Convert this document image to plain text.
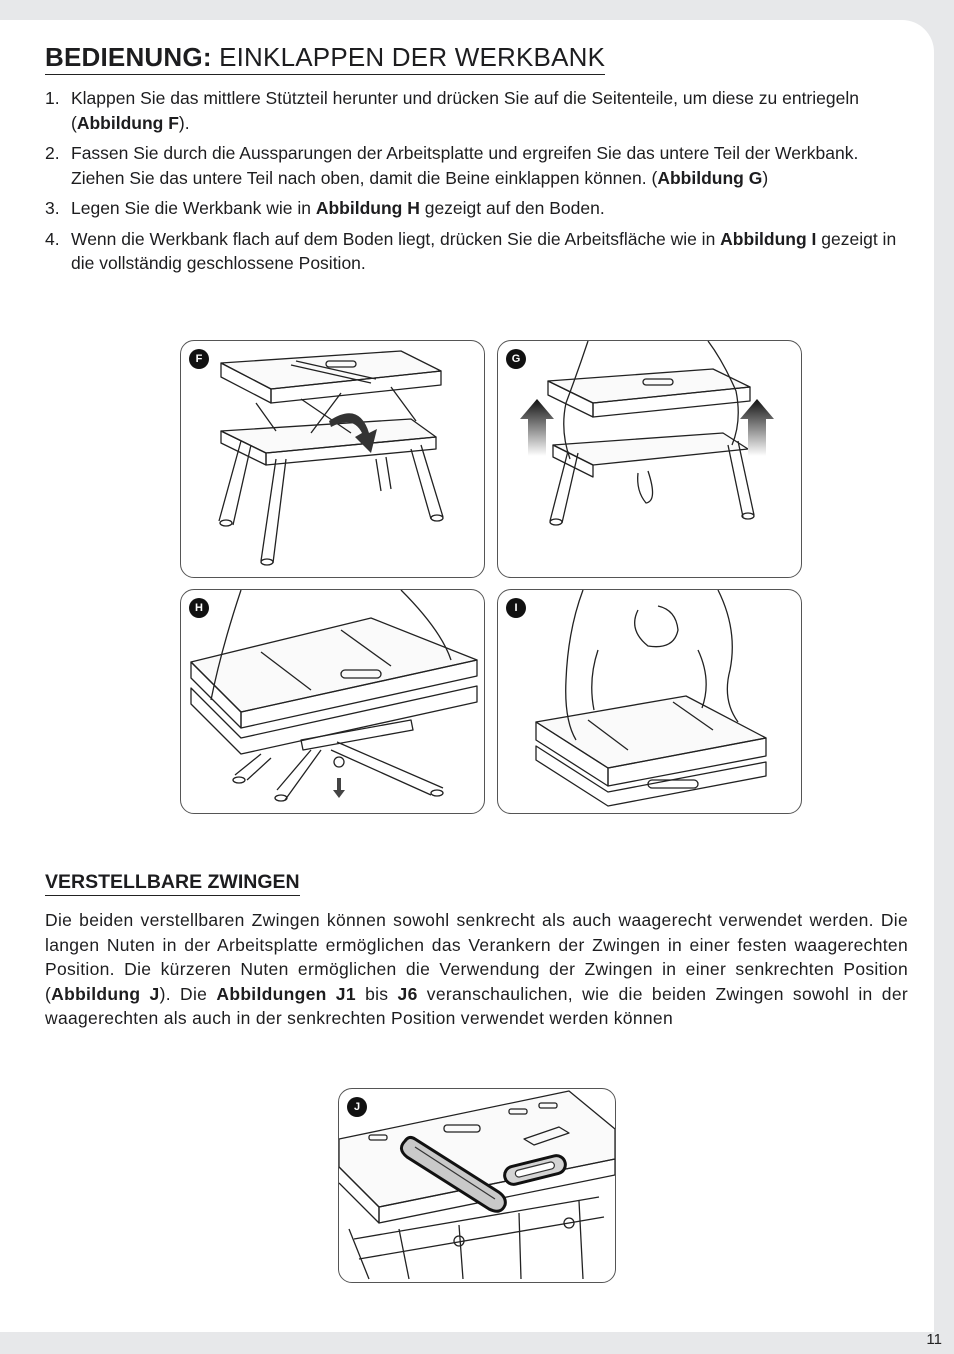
BEDIENUNG: EINKLAPPEN DER WERKBANK
1. Klappen Sie das mittlere Stützteil herunter und drücken Sie auf die Seitenteile, um diese zu entriegeln (Abbildung F).
2. Fassen Sie durch die Aussparungen der Arbeitsplatte und ergreifen Sie das untere Teil der Werkbank. Ziehen Sie das untere Teil nach oben, damit die Beine einklappen können. (Abbildung G)
3. Legen Sie die Werkbank wie in Abbildung H gezeigt auf den Boden.
4. Wenn die Werkbank flach auf dem Boden liegt, drücken Sie die Arbeitsfläche wie in Abbildung I gezeigt in die vollständig geschlossene Position.
F	G
H	I
VERSTELLBARE ZWINGEN

Die beiden verstellbaren Zwingen können sowohl senkrecht als auch waagerecht verwendet werden. Die langen Nuten in der Arbeitsplatte ermöglichen das Verankern der Zwingen in einer festen waagerechten Position. Die kürzeren Nuten ermöglichen die Verwendung der Zwingen in einer senkrechten Position (Abbildung J). Die Abbildungen J1 bis J6 veranschaulichen, wie die beiden Zwingen sowohl in der waagerechten als auch in der senkrechten Position verwendet werden können

J
11
